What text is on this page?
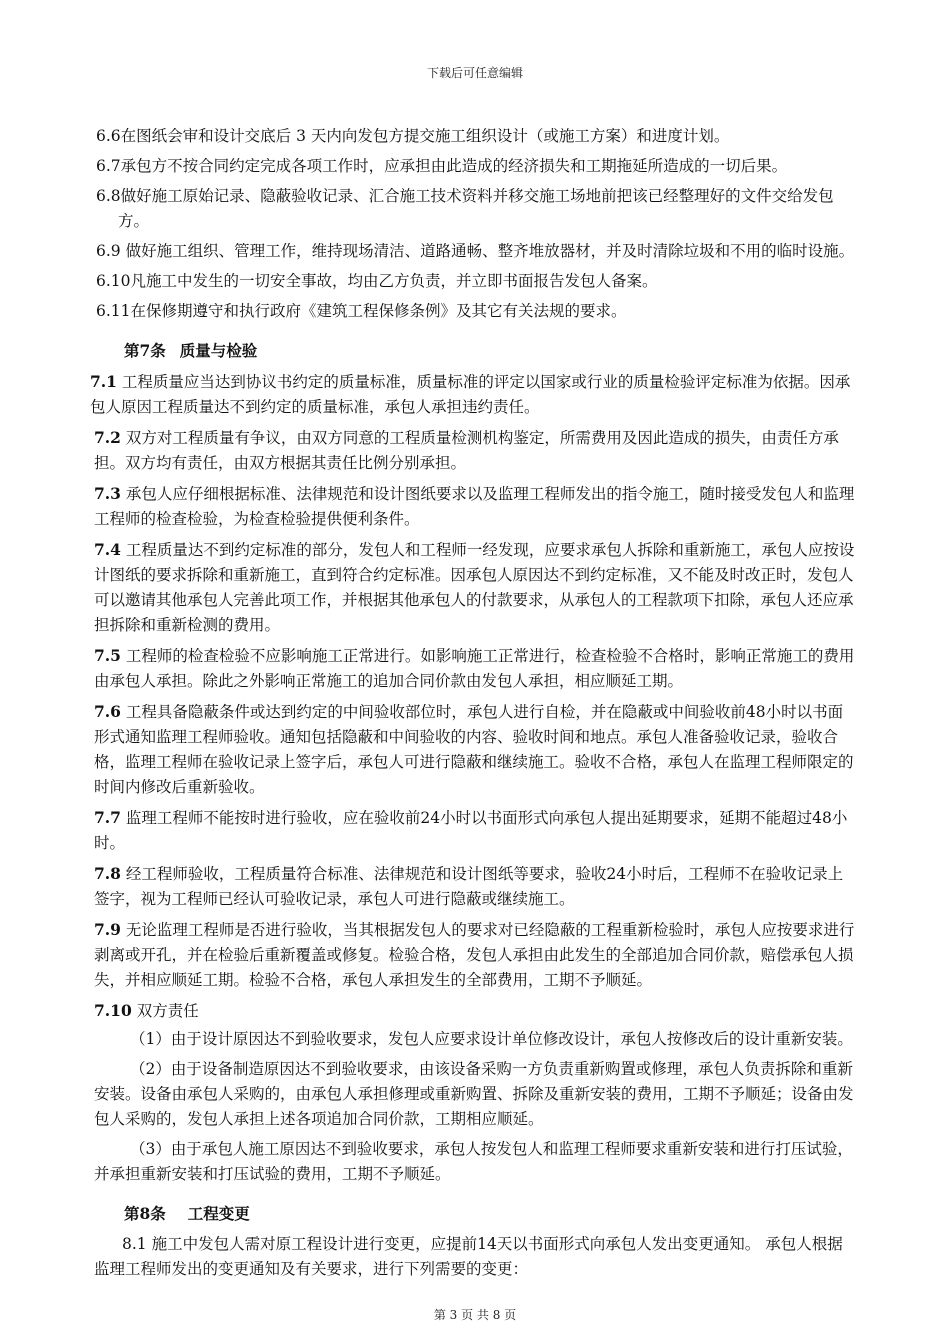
下载后可任意编辑
6.6在图纸会审和设计交底后 3 天内向发包方提交施工组织设计（或施工方案）和进度计划。
6.7承包方不按合同约定完成各项工作时，应承担由此造成的经济损失和工期拖延所造成的一切后果。
6.8做好施工原始记录、隐蔽验收记录、汇合施工技术资料并移交施工场地前把该已经整理好的文件交给发包方。
6.9 做好施工组织、管理工作，维持现场清洁、道路通畅、整齐堆放器材，并及时清除垃圾和不用的临时设施。
6.10凡施工中发生的一切安全事故，均由乙方负责，并立即书面报告发包人备案。
6.11在保修期遵守和执行政府《建筑工程保修条例》及其它有关法规的要求。
第7条 质量与检验
7.1 工程质量应当达到协议书约定的质量标准，质量标准的评定以国家或行业的质量检验评定标准为依据。因承包人原因工程质量达不到约定的质量标准，承包人承担违约责任。
7.2 双方对工程质量有争议，由双方同意的工程质量检测机构鉴定，所需费用及因此造成的损失，由责任方承担。双方均有责任，由双方根据其责任比例分别承担。
7.3 承包人应仔细根据标准、法律规范和设计图纸要求以及监理工程师发出的指令施工，随时接受发包人和监理工程师的检查检验，为检查检验提供便利条件。
7.4 工程质量达不到约定标准的部分，发包人和工程师一经发现，应要求承包人拆除和重新施工，承包人应按设计图纸的要求拆除和重新施工，直到符合约定标准。因承包人原因达不到约定标准，又不能及时改正时，发包人可以邀请其他承包人完善此项工作，并根据其他承包人的付款要求，从承包人的工程款项下扣除，承包人还应承担拆除和重新检测的费用。
7.5 工程师的检查检验不应影响施工正常进行。如影响施工正常进行，检查检验不合格时，影响正常施工的费用由承包人承担。除此之外影响正常施工的追加合同价款由发包人承担，相应顺延工期。
7.6 工程具备隐蔽条件或达到约定的中间验收部位时，承包人进行自检，并在隐蔽或中间验收前48小时以书面形式通知监理工程师验收。通知包括隐蔽和中间验收的内容、验收时间和地点。承包人准备验收记录，验收合格，监理工程师在验收记录上签字后，承包人可进行隐蔽和继续施工。验收不合格，承包人在监理工程师限定的时间内修改后重新验收。
7.7 监理工程师不能按时进行验收，应在验收前24小时以书面形式向承包人提出延期要求，延期不能超过48小时。
7.8 经工程师验收，工程质量符合标准、法律规范和设计图纸等要求，验收24小时后，工程师不在验收记录上签字，视为工程师已经认可验收记录，承包人可进行隐蔽或继续施工。
7.9 无论监理工程师是否进行验收，当其根据发包人的要求对已经隐蔽的工程重新检验时，承包人应按要求进行剥离或开孔，并在检验后重新覆盖或修复。检验合格，发包人承担由此发生的全部追加合同价款，赔偿承包人损失，并相应顺延工期。检验不合格，承包人承担发生的全部费用，工期不予顺延。
7.10 双方责任
（1）由于设计原因达不到验收要求，发包人应要求设计单位修改设计，承包人按修改后的设计重新安装。
（2）由于设备制造原因达不到验收要求，由该设备采购一方负责重新购置或修理，承包人负责拆除和重新安装。设备由承包人采购的，由承包人承担修理或重新购置、拆除及重新安装的费用，工期不予顺延；设备由发包人采购的，发包人承担上述各项追加合同价款，工期相应顺延。
（3）由于承包人施工原因达不到验收要求，承包人按发包人和监理工程师要求重新安装和进行打压试验，并承担重新安装和打压试验的费用，工期不予顺延。
第8条 工程变更
8.1 施工中发包人需对原工程设计进行变更，应提前14天以书面形式向承包人发出变更通知。 承包人根据监理工程师发出的变更通知及有关要求，进行下列需要的变更：
第 3 页 共 8 页
